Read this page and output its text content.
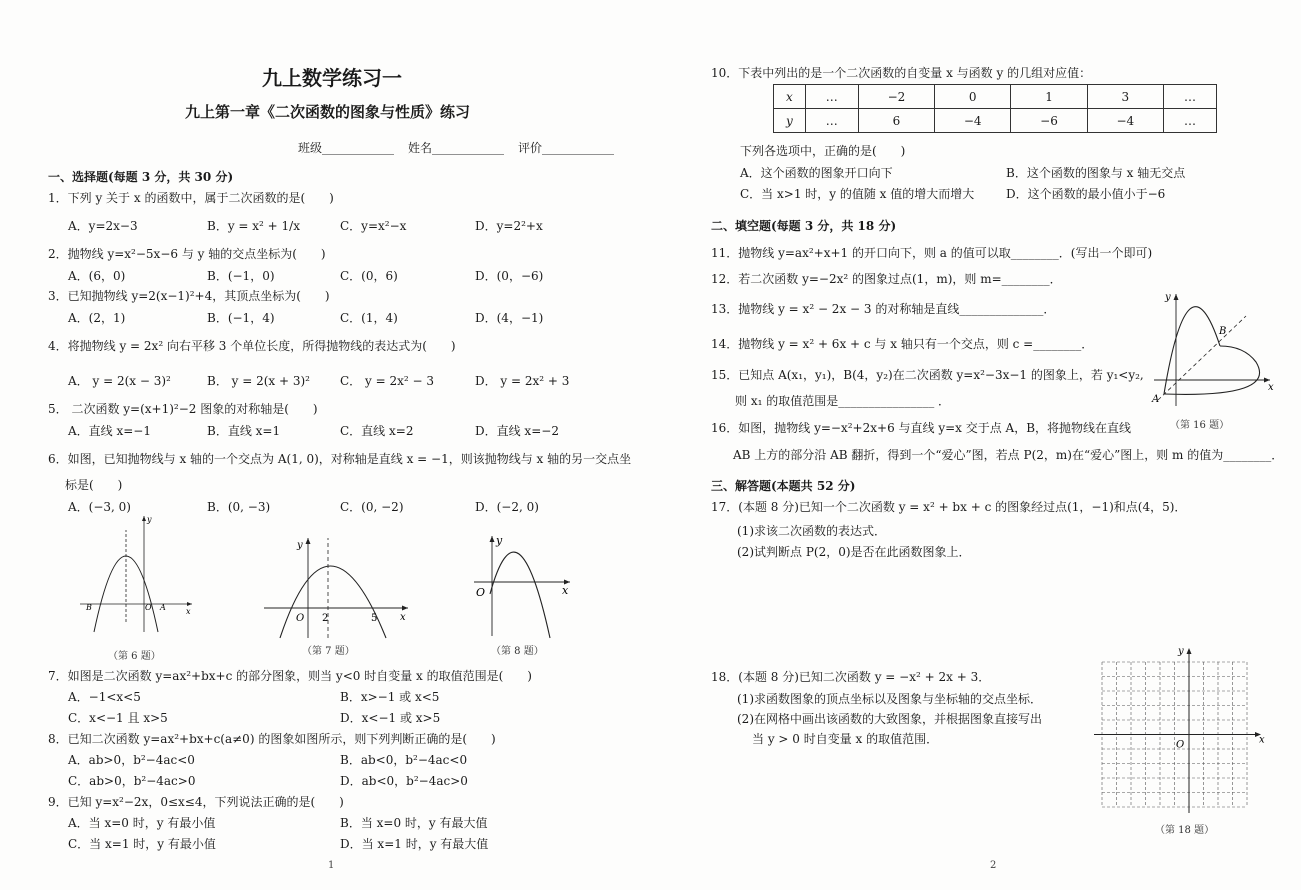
九上数学练习一
九上第一章《二次函数的图象与性质》练习
班级____________ 姓名____________ 评价____________
一、选择题(每题 3 分，共 30 分)
1．下列 y 关于 x 的函数中，属于二次函数的是(　　)
A．y=2x−3	B．y = x² + 1/x	C．y=x²−x	D．y=2²+x
2．抛物线 y=x²−5x−6 与 y 轴的交点坐标为(　　)
A．(6，0)	B．(−1，0)	C．(0，6)	D．(0，−6)
3．已知抛物线 y=2(x−1)²+4，其顶点坐标为(　　)
A．(2，1)	B．(−1，4)	C．(1，4)	D．(4，−1)
4．将抛物线 y = 2x² 向右平移 3 个单位长度，所得抛物线的表达式为(　　)
A． y = 2(x − 3)²	B． y = 2(x + 3)²	C． y = 2x² − 3	D． y = 2x² + 3
5． 二次函数 y=(x+1)²−2 图象的对称轴是(　　)
A．直线 x=−1	B．直线 x=1	C．直线 x=2	D．直线 x=−2
6．如图，已知抛物线与 x 轴的一个交点为 A(1, 0)，对称轴是直线 x = −1，则该抛物线与 x 轴的另一交点坐
标是(　　)
A．(−3, 0)	B．(0, −3)	C．(0, −2)	D．(−2, 0)
B	O A	x
y
（第 6 题）
O 2	5 x
y
（第 7 题）
O	x
y
（第 8 题）
7．如图是二次函数 y=ax²+bx+c 的部分图象，则当 y<0 时自变量 x 的取值范围是(　　)
A．−1<x<5	B．x>−1 或 x<5
C．x<−1 且 x>5	D．x<−1 或 x>5
8．已知二次函数 y=ax²+bx+c(a≠0) 的图象如图所示，则下列判断正确的是(　　)
A．ab>0，b²−4ac<0	B．ab<0，b²−4ac<0
C．ab>0，b²−4ac>0	D．ab<0，b²−4ac>0
9．已知 y=x²−2x，0≤x≤4，下列说法正确的是(　　)
A．当 x=0 时，y 有最小值	B．当 x=0 时，y 有最大值
C．当 x=1 时，y 有最小值	D．当 x=1 时，y 有最大值
1
10．下表中列出的是一个二次函数的自变量 x 与函数 y 的几组对应值：
x	…	−2	0	1	3	…
y	…	6	−4	−6	−4	…
下列各选项中，正确的是(　　)
A．这个函数的图象开口向下	B．这个函数的图象与 x 轴无交点
C．当 x>1 时，y 的值随 x 值的增大而增大	D．这个函数的最小值小于−6
二、填空题(每题 3 分，共 18 分)
11．抛物线 y=ax²+x+1 的开口向下，则 a 的值可以取________．(写出一个即可)
12．若二次函数 y=−2x² 的图象过点(1，m)，则 m=________．
13．抛物线 y = x² − 2x − 3 的对称轴是直线______________．
14．抛物线 y = x² + 6x + c 与 x 轴只有一个交点，则 c =________．
15．已知点 A(x₁，y₁)，B(4，y₂)在二次函数 y=x²−3x−1 的图象上，若 y₁<y₂,
则 x₁ 的取值范围是________________ ．
16．如图，抛物线 y=−x²+2x+6 与直线 y=x 交于点 A，B，将抛物线在直线
AB 上方的部分沿 AB 翻折，得到一个“爱心”图，若点 P(2，m)在“爱心”图上，则 m 的值为________．
A
B
x
y
（第 16 题）
三、解答题(本题共 52 分)
17．(本题 8 分)已知一个二次函数 y = x² + bx + c 的图象经过点(1，−1)和点(4，5)．
(1)求该二次函数的表达式．
(2)试判断点 P(2，0)是否在此函数图象上．
18．(本题 8 分)已知二次函数 y = −x² + 2x + 3．
(1)求函数图象的顶点坐标以及图象与坐标轴的交点坐标．
(2)在网格中画出该函数的大致图象，并根据图象直接写出
当 y > 0 时自变量 x 的取值范围．	O	x
y
（第 18 题）
2
